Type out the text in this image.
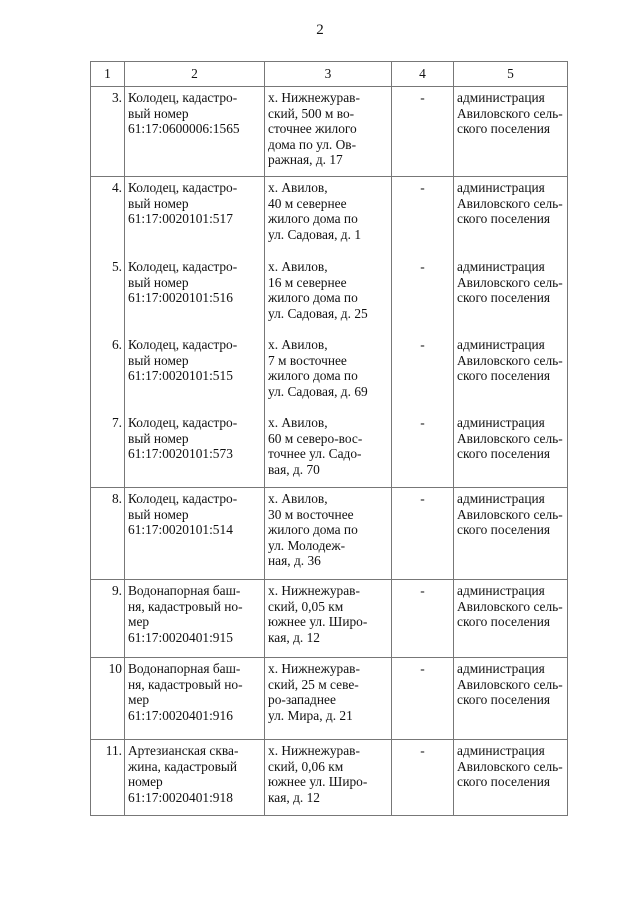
2
1	2	3	4	5
3.	Колодец, кадастро-
вый номер
61:17:0600006:1565	х. Нижнежурав-
ский, 500 м во-
сточнее жилого
дома по ул. Ов-
ражная, д. 17	-	администрация
Авиловского сель-
ского поселения
4.	Колодец, кадастро-
вый номер
61:17:0020101:517	х. Авилов,
40 м севернее
жилого дома по
ул. Садовая, д. 1	-	администрация
Авиловского сель-
ского поселения
5.	Колодец, кадастро-
вый номер
61:17:0020101:516	х. Авилов,
16 м севернее
жилого дома по
ул. Садовая, д. 25	-	администрация
Авиловского сель-
ского поселения
6.	Колодец, кадастро-
вый номер
61:17:0020101:515	х. Авилов,
7 м восточнее
жилого дома по
ул. Садовая, д. 69	-	администрация
Авиловского сель-
ского поселения
7.	Колодец, кадастро-
вый номер
61:17:0020101:573	х. Авилов,
60 м северо-вос-
точнее ул. Садо-
вая, д. 70	-	администрация
Авиловского сель-
ского поселения
8.	Колодец, кадастро-
вый номер
61:17:0020101:514	х. Авилов,
30 м восточнее
жилого дома по
ул. Молодеж-
ная, д. 36	-	администрация
Авиловского сель-
ского поселения
9.	Водонапорная баш-
ня, кадастровый но-
мер
61:17:0020401:915	х. Нижнежурав-
ский, 0,05 км
южнее ул. Широ-
кая, д. 12	-	администрация
Авиловского сель-
ского поселения
10	Водонапорная баш-
ня, кадастровый но-
мер
61:17:0020401:916	х. Нижнежурав-
ский, 25 м севе-
ро-западнее
ул. Мира, д. 21	-	администрация
Авиловского сель-
ского поселения
11.	Артезианская сква-
жина, кадастровый
номер
61:17:0020401:918	х. Нижнежурав-
ский, 0,06 км
южнее ул. Широ-
кая, д. 12	-	администрация
Авиловского сель-
ского поселения
